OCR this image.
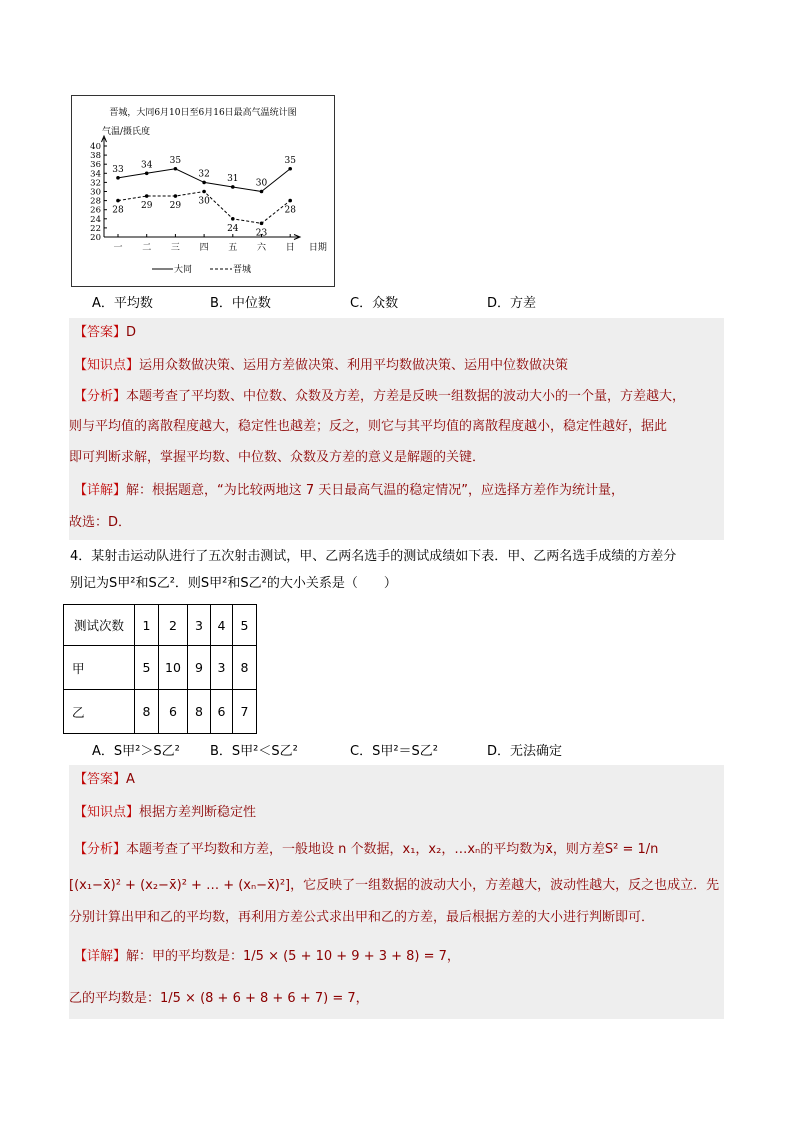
晋城，大同6月10日至6月16日最高气温统计图
气温/摄氏度
20
22
24
26
28
30
32
34
36
38
40
一 二 三 四 五 六 日 日期
33 34 35
32 31 30
35
28 29 29 30
24 23
28
大同	晋城
A．平均数	B．中位数	C．众数	D．方差
【答案】D
【知识点】运用众数做决策、运用方差做决策、利用平均数做决策、运用中位数做决策
【分析】本题考查了平均数、中位数、众数及方差，方差是反映一组数据的波动大小的一个量，方差越大，
则与平均值的离散程度越大，稳定性也越差；反之，则它与其平均值的离散程度越小，稳定性越好，据此
即可判断求解，掌握平均数、中位数、众数及方差的意义是解题的关键．
【详解】解：根据题意，“为比较两地这 7 天日最高气温的稳定情况”，应选择方差作为统计量，
故选：D．
4．某射击运动队进行了五次射击测试，甲、乙两名选手的测试成绩如下表．甲、乙两名选手成绩的方差分
别记为S甲²和S乙²．则S甲²和S乙²的大小关系是（　　）
测试次数	1	2	3	4	5
甲	5	10	9	3	8
乙	8	6	8	6	7
A．S甲²＞S乙² B．S甲²＜S乙²	C．S甲²＝S乙²	D．无法确定
【答案】A
【知识点】根据方差判断稳定性
【分析】本题考查了平均数和方差，一般地设 n 个数据，x₁，x₂，…xₙ的平均数为x̄，则方差S² = 1/n
[(x₁−x̄)² + (x₂−x̄)² + … + (xₙ−x̄)²]，它反映了一组数据的波动大小，方差越大，波动性越大，反之也成立．先
分别计算出甲和乙的平均数，再利用方差公式求出甲和乙的方差，最后根据方差的大小进行判断即可．
【详解】解：甲的平均数是：1/5 × (5 + 10 + 9 + 3 + 8) = 7，
乙的平均数是：1/5 × (8 + 6 + 8 + 6 + 7) = 7，
